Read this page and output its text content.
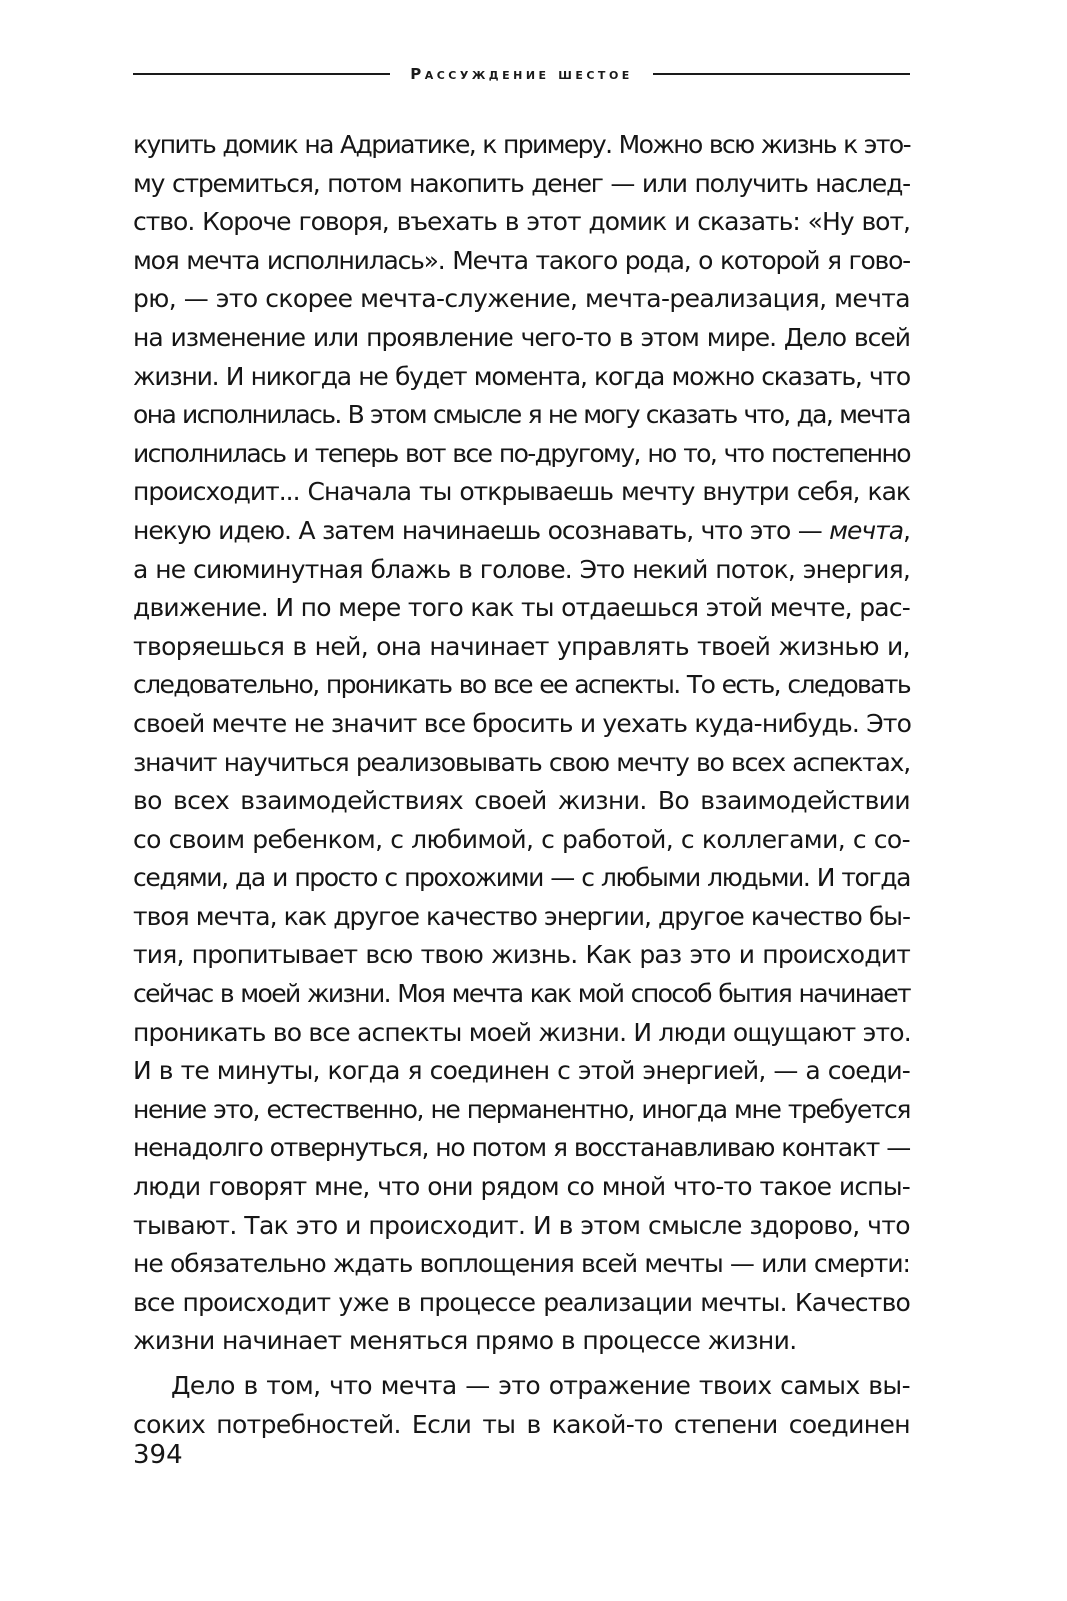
Рассуждение шестое
купить домик на Адриатике, к примеру. Можно всю жизнь к это-
му стремиться, потом накопить денег — или получить наслед-
ство. Короче говоря, въехать в этот домик и сказать: «Ну вот,
моя мечта исполнилась». Мечта такого рода, о которой я гово-
рю, — это скорее мечта-служение, мечта-реализация, мечта
на изменение или проявление чего-то в этом мире. Дело всей
жизни. И никогда не будет момента, когда можно сказать, что
она исполнилась. В этом смысле я не могу сказать что, да, мечта
исполнилась и теперь вот все по-другому, но то, что постепенно
происходит... Сначала ты открываешь мечту внутри себя, как
некую идею. А затем начинаешь осознавать, что это — мечта,
а не сиюминутная блажь в голове. Это некий поток, энергия,
движение. И по мере того как ты отдаешься этой мечте, рас-
творяешься в ней, она начинает управлять твоей жизнью и,
следовательно, проникать во все ее аспекты. То есть, следовать
своей мечте не значит все бросить и уехать куда-нибудь. Это
значит научиться реализовывать свою мечту во всех аспектах,
во всех взаимодействиях своей жизни. Во взаимодействии
со своим ребенком, с любимой, с работой, с коллегами, с со-
седями, да и просто с прохожими — с любыми людьми. И тогда
твоя мечта, как другое качество энергии, другое качество бы-
тия, пропитывает всю твою жизнь. Как раз это и происходит
сейчас в моей жизни. Моя мечта как мой способ бытия начинает
проникать во все аспекты моей жизни. И люди ощущают это.
И в те минуты, когда я соединен с этой энергией, — а соеди-
нение это, естественно, не перманентно, иногда мне требуется
ненадолго отвернуться, но потом я восстанавливаю контакт —
люди говорят мне, что они рядом со мной что-то такое испы-
тывают. Так это и происходит. И в этом смысле здорово, что
не обязательно ждать воплощения всей мечты — или смерти:
все происходит уже в процессе реализации мечты. Качество
жизни начинает меняться прямо в процессе жизни.
Дело в том, что мечта — это отражение твоих самых вы-
соких потребностей. Если ты в какой-то степени соединен
394
